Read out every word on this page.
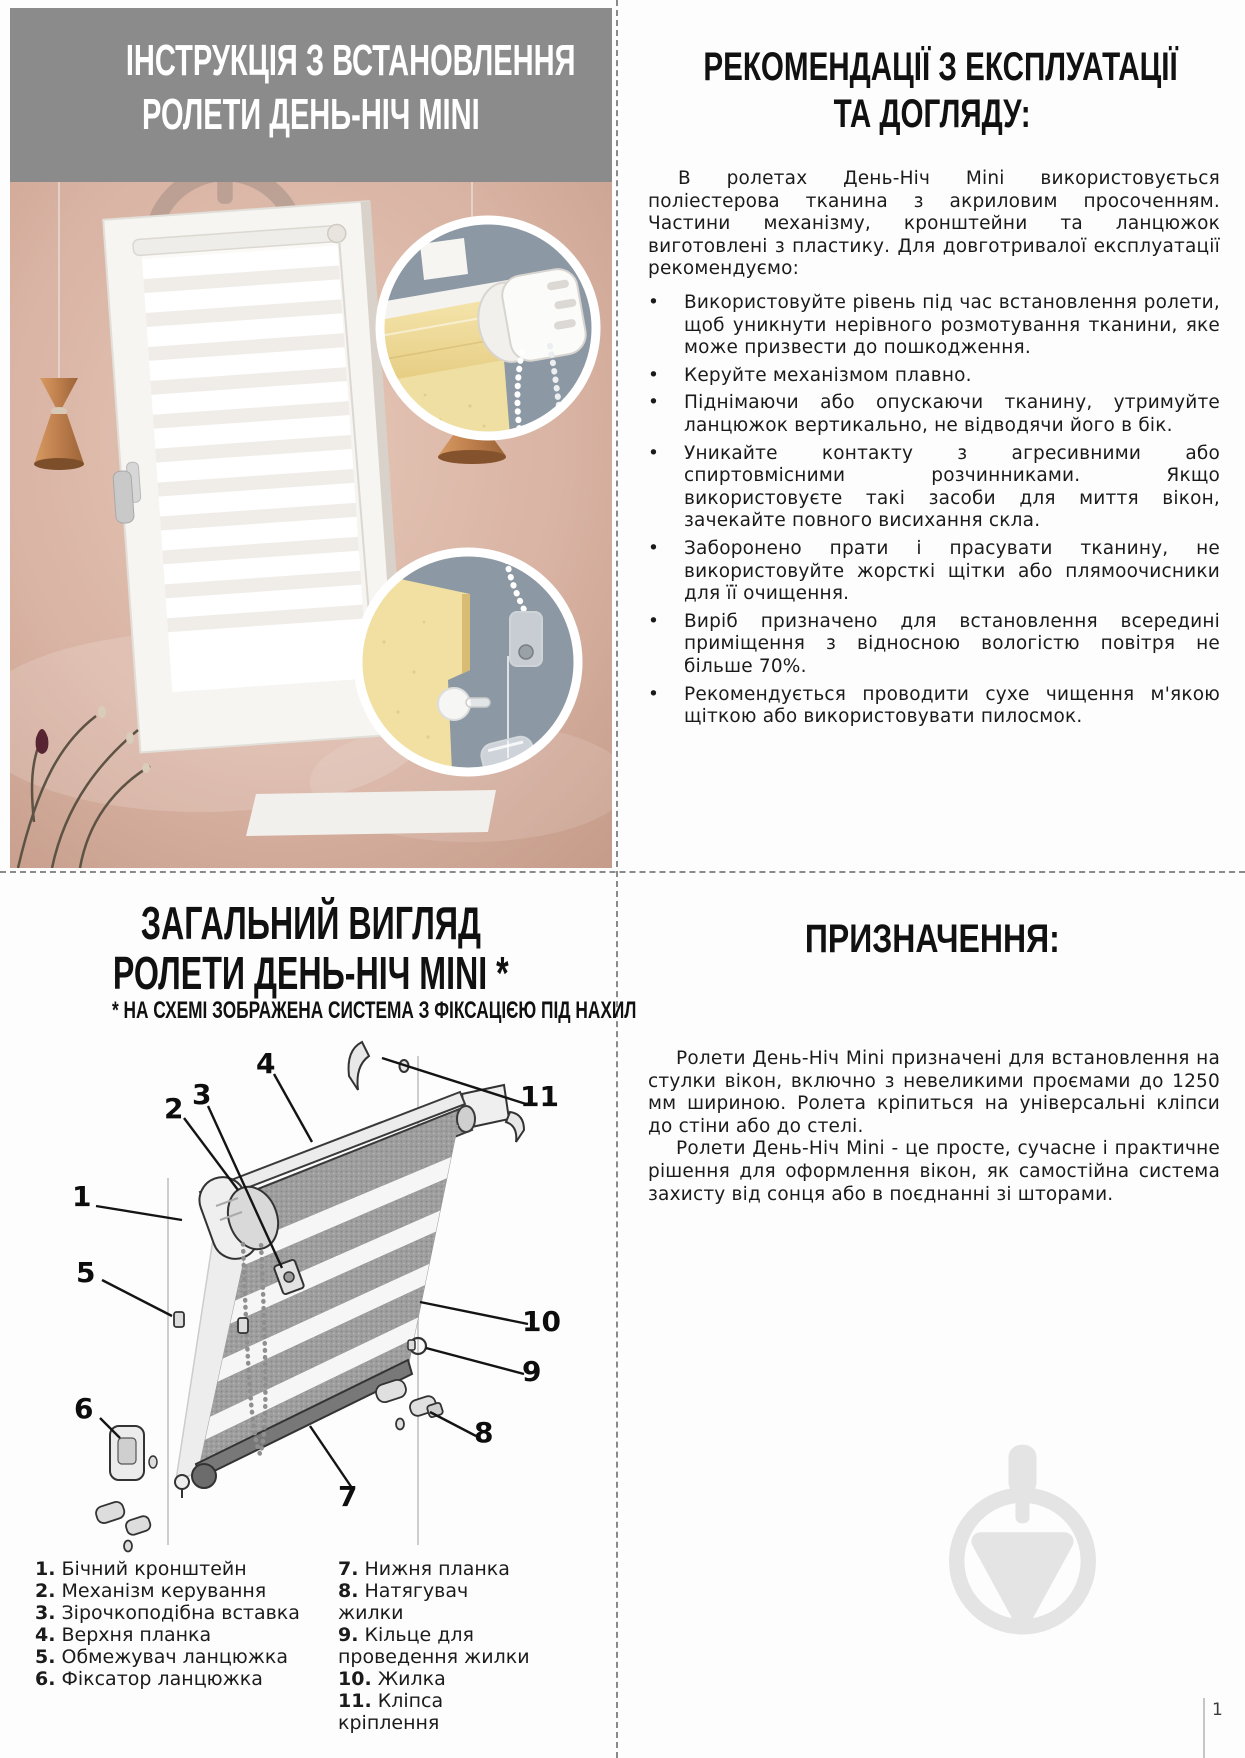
ІНСТРУКЦІЯ З ВСТАНОВЛЕННЯ
РОЛЕТИ ДЕНЬ-НІЧ MINI
РЕКОМЕНДАЦІЇ З ЕКСПЛУАТАЦІЇ
ТА ДОГЛЯДУ:
В ролетах День-Ніч Mini використовується поліестерова тканина з акриловим просоченням. Частини механізму, кронштейни та ланцюжок виготовлені з пластику. Для довготривалої експлуатації рекомендуємо:
•	Використовуйте рівень під час встановлення ролети, щоб уникнути нерівного розмотування тканини, яке може призвести до пошкодження.
•	Керуйте механізмом плавно.
•	Піднімаючи або опускаючи тканину, утримуйте ланцюжок вертикально, не відводячи його в бік.
•	Уникайте контакту з агресивними або спиртовмісними розчинниками. Якщо використовуєте такі засоби для миття вікон, зачекайте повного висихання скла.
•	Заборонено прати і прасувати тканину, не використовуйте жорсткі щітки або плямоочисники для її очищення.
•	Виріб призначено для встановлення всередині приміщення з відносною вологістю повітря не більше 70%.
•	Рекомендується проводити сухе чищення м'якою щіткою або використовувати пилосмок.
ЗАГАЛЬНИЙ ВИГЛЯД
РОЛЕТИ ДЕНЬ-НІЧ MINI *
* НА СХЕМІ ЗОБРАЖЕНА СИСТЕМА З ФІКСАЦІЄЮ ПІД НАХИЛ
1
2 3
4
5
6
7
8
9
10
11
1. Бічний кронштейн
2. Механізм керування
3. Зірочкоподібна вставка
4. Верхня планка
5. Обмежувач ланцюжка
6. Фіксатор ланцюжка
7. Нижня планка
8. Натягувач жилки
9. Кільце для проведення жилки
10. Жилка
11. Кліпса кріплення
ПРИЗНАЧЕННЯ:

Ролети День-Ніч Mini призначені для встановлення на стулки вікон, включно з невеликими проємами до 1250 мм шириною. Ролета кріпиться на універсальні кліпси до стіни або до стелі.

Ролети День-Ніч Mini - це просте, сучасне і практичне рішення для оформлення вікон, як самостійна система захисту від сонця або в поєднанні зі шторами.

1
